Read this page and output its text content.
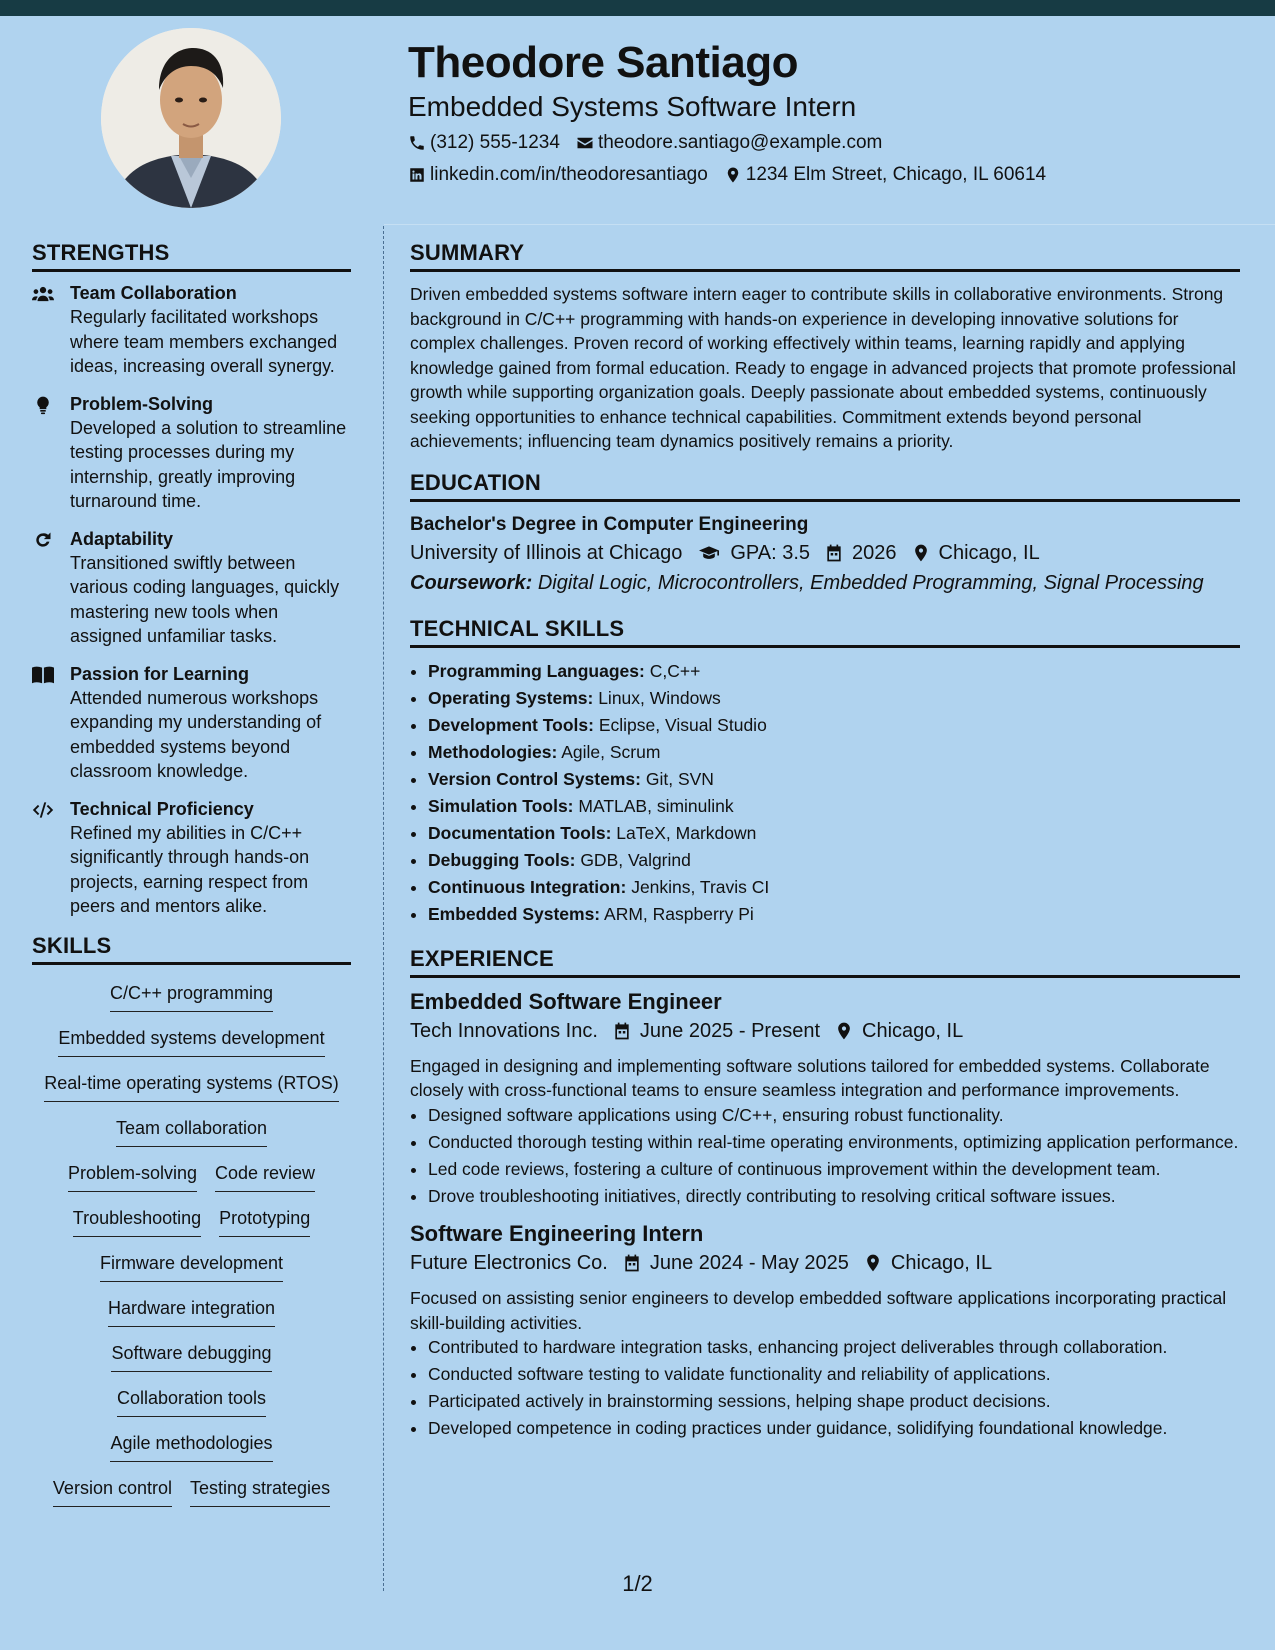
Theodore Santiago
Embedded Systems Software Intern
(312) 555-1234 theodore.santiago@example.com
linkedin.com/in/theodoresantiago 1234 Elm Street, Chicago, IL 60614
STRENGTHS
Team Collaboration
Regularly facilitated workshops where team members exchanged ideas, increasing overall synergy.
Problem-Solving
Developed a solution to streamline testing processes during my internship, greatly improving turnaround time.
Adaptability
Transitioned swiftly between various coding languages, quickly mastering new tools when assigned unfamiliar tasks.
Passion for Learning
Attended numerous workshops expanding my understanding of embedded systems beyond classroom knowledge.
Technical Proficiency
Refined my abilities in C/C++ significantly through hands-on projects, earning respect from peers and mentors alike.
SKILLS
C/C++ programming
Embedded systems development
Real-time operating systems (RTOS)
Team collaboration
Problem-solving Code review
Troubleshooting Prototyping
Firmware development
Hardware integration
Software debugging
Collaboration tools
Agile methodologies
Version control Testing strategies
SUMMARY
Driven embedded systems software intern eager to contribute skills in collaborative environments. Strong background in C/C++ programming with hands-on experience in developing innovative solutions for complex challenges. Proven record of working effectively within teams, learning rapidly and applying knowledge gained from formal education. Ready to engage in advanced projects that promote professional growth while supporting organization goals. Deeply passionate about embedded systems, continuously seeking opportunities to enhance technical capabilities. Commitment extends beyond personal achievements; influencing team dynamics positively remains a priority.
EDUCATION
Bachelor's Degree in Computer Engineering
University of Illinois at Chicago GPA: 3.5 2026 Chicago, IL
Coursework: Digital Logic, Microcontrollers, Embedded Programming, Signal Processing
TECHNICAL SKILLS
• Programming Languages: C,C++
• Operating Systems: Linux, Windows
• Development Tools: Eclipse, Visual Studio
• Methodologies: Agile, Scrum
• Version Control Systems: Git, SVN
• Simulation Tools: MATLAB, siminulink
• Documentation Tools: LaTeX, Markdown
• Debugging Tools: GDB, Valgrind
• Continuous Integration: Jenkins, Travis CI
• Embedded Systems: ARM, Raspberry Pi
EXPERIENCE
Embedded Software Engineer
Tech Innovations Inc. June 2025 - Present Chicago, IL
Engaged in designing and implementing software solutions tailored for embedded systems. Collaborate closely with cross-functional teams to ensure seamless integration and performance improvements.
• Designed software applications using C/C++, ensuring robust functionality.
• Conducted thorough testing within real-time operating environments, optimizing application performance.
• Led code reviews, fostering a culture of continuous improvement within the development team.
• Drove troubleshooting initiatives, directly contributing to resolving critical software issues.
Software Engineering Intern
Future Electronics Co. June 2024 - May 2025 Chicago, IL
Focused on assisting senior engineers to develop embedded software applications incorporating practical skill-building activities.
• Contributed to hardware integration tasks, enhancing project deliverables through collaboration.
• Conducted software testing to validate functionality and reliability of applications.
• Participated actively in brainstorming sessions, helping shape product decisions.
• Developed competence in coding practices under guidance, solidifying foundational knowledge.
1/2
